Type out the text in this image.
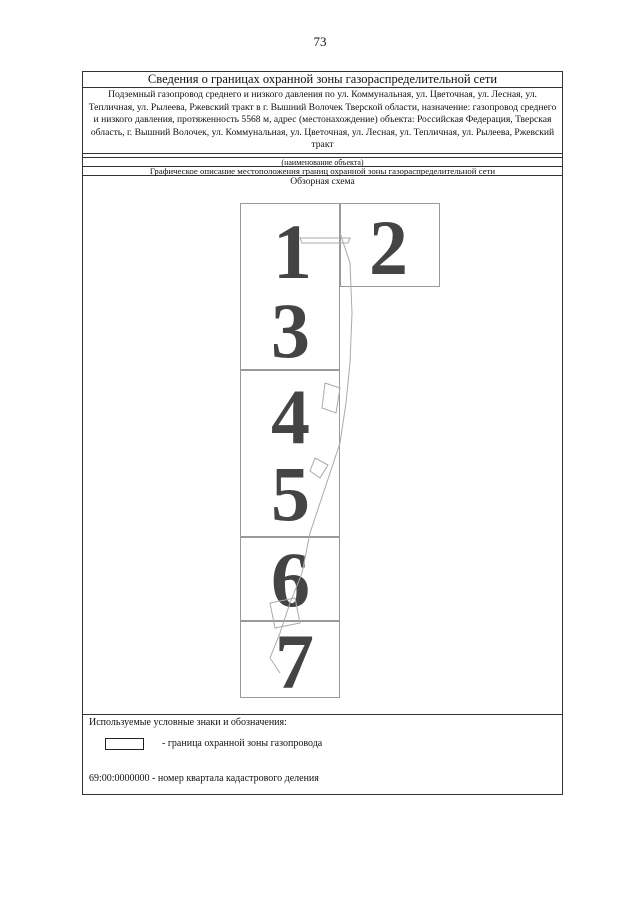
73
Сведения о границах охранной зоны газораспределительной сети
Подземный газопровод среднего и низкого давления по ул. Коммунальная, ул. Цветочная, ул. Лесная, ул. Тепличная, ул. Рылеева, Ржевский тракт в г. Вышний Волочек Тверской области, назначение: газопровод среднего и низкого давления, протяженность 5568 м, адрес (местонахождение) объекта: Российская Федерация, Тверская область, г. Вышний Волочек, ул. Коммунальная, ул. Цветочная, ул. Лесная, ул. Тепличная, ул. Рылеева, Ржевский тракт
(наименование объекта)
Графическое описание местоположения границ охранной зоны газораспределительной сети
Обзорная схема
1 2
3
4
5
6
7
Используемые условные знаки и обозначения:
- граница охранной зоны газопровода
69:00:0000000 - номер квартала кадастрового деления
